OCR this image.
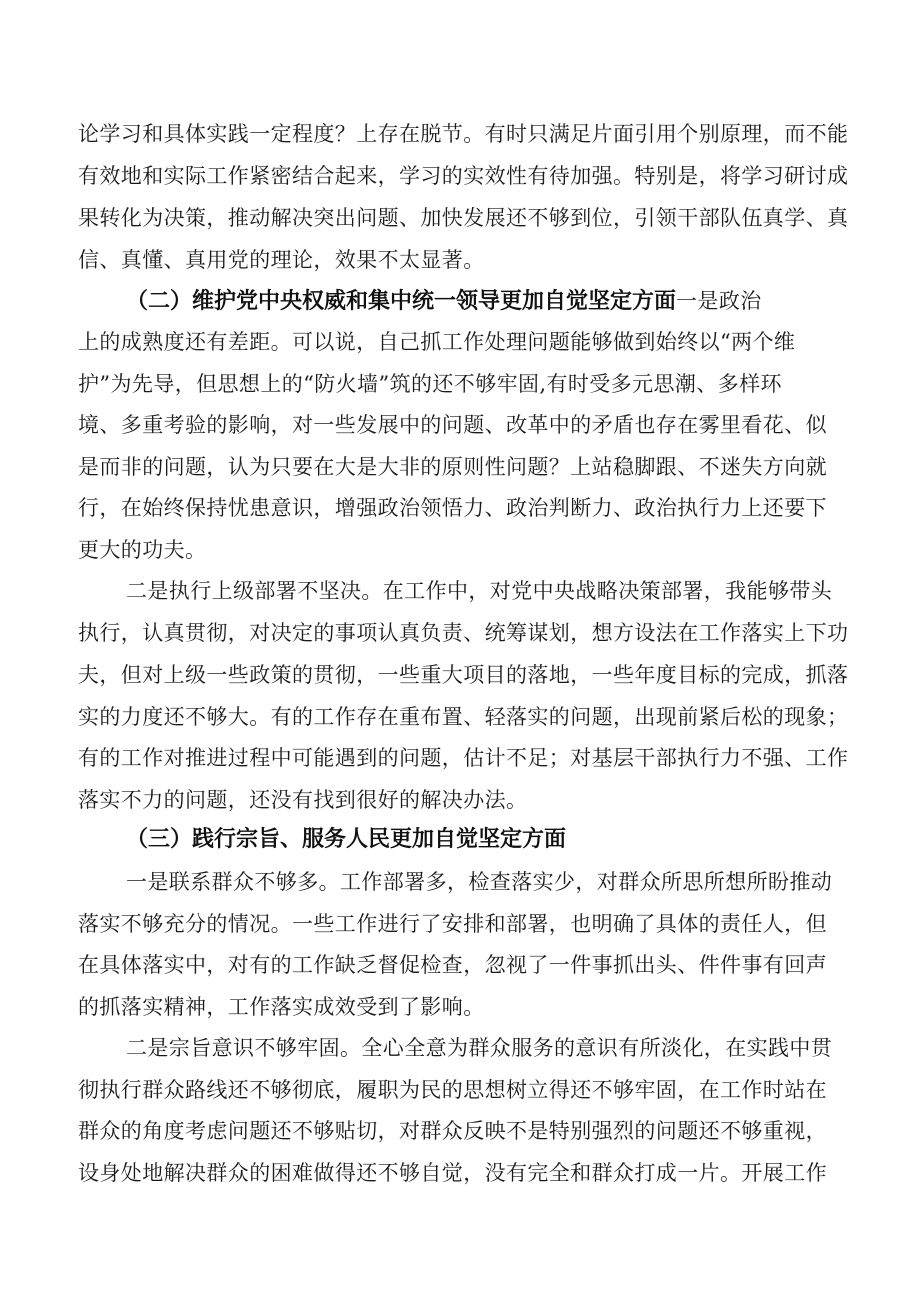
论学习和具体实践一定程度？上存在脱节。有时只满足片面引用个别原理，而不能
有效地和实际工作紧密结合起来，学习的实效性有待加强。特别是，将学习研讨成
果转化为决策，推动解决突出问题、加快发展还不够到位，引领干部队伍真学、真
信、真懂、真用党的理论，效果不太显著。
（二）维护党中央权威和集中统一领导更加自觉坚定方面一是政治
上的成熟度还有差距。可以说，自己抓工作处理问题能够做到始终以“两个维
护”为先导，但思想上的“防火墙”筑的还不够牢固,有时受多元思潮、多样环
境、多重考验的影响，对一些发展中的问题、改革中的矛盾也存在雾里看花、似
是而非的问题，认为只要在大是大非的原则性问题？上站稳脚跟、不迷失方向就
行，在始终保持忧患意识，增强政治领悟力、政治判断力、政治执行力上还要下
更大的功夫。
二是执行上级部署不坚决。在工作中，对党中央战略决策部署，我能够带头
执行，认真贯彻，对决定的事项认真负责、统筹谋划，想方设法在工作落实上下功
夫，但对上级一些政策的贯彻，一些重大项目的落地，一些年度目标的完成，抓落
实的力度还不够大。有的工作存在重布置、轻落实的问题，出现前紧后松的现象；
有的工作对推进过程中可能遇到的问题，估计不足；对基层干部执行力不强、工作
落实不力的问题，还没有找到很好的解决办法。
（三）践行宗旨、服务人民更加自觉坚定方面
一是联系群众不够多。工作部署多，检查落实少，对群众所思所想所盼推动
落实不够充分的情况。一些工作进行了安排和部署，也明确了具体的责任人，但
在具体落实中，对有的工作缺乏督促检查，忽视了一件事抓出头、件件事有回声
的抓落实精神，工作落实成效受到了影响。
二是宗旨意识不够牢固。全心全意为群众服务的意识有所淡化，在实践中贯
彻执行群众路线还不够彻底，履职为民的思想树立得还不够牢固，在工作时站在
群众的角度考虑问题还不够贴切，对群众反映不是特别强烈的问题还不够重视，
设身处地解决群众的困难做得还不够自觉，没有完全和群众打成一片。开展工作
